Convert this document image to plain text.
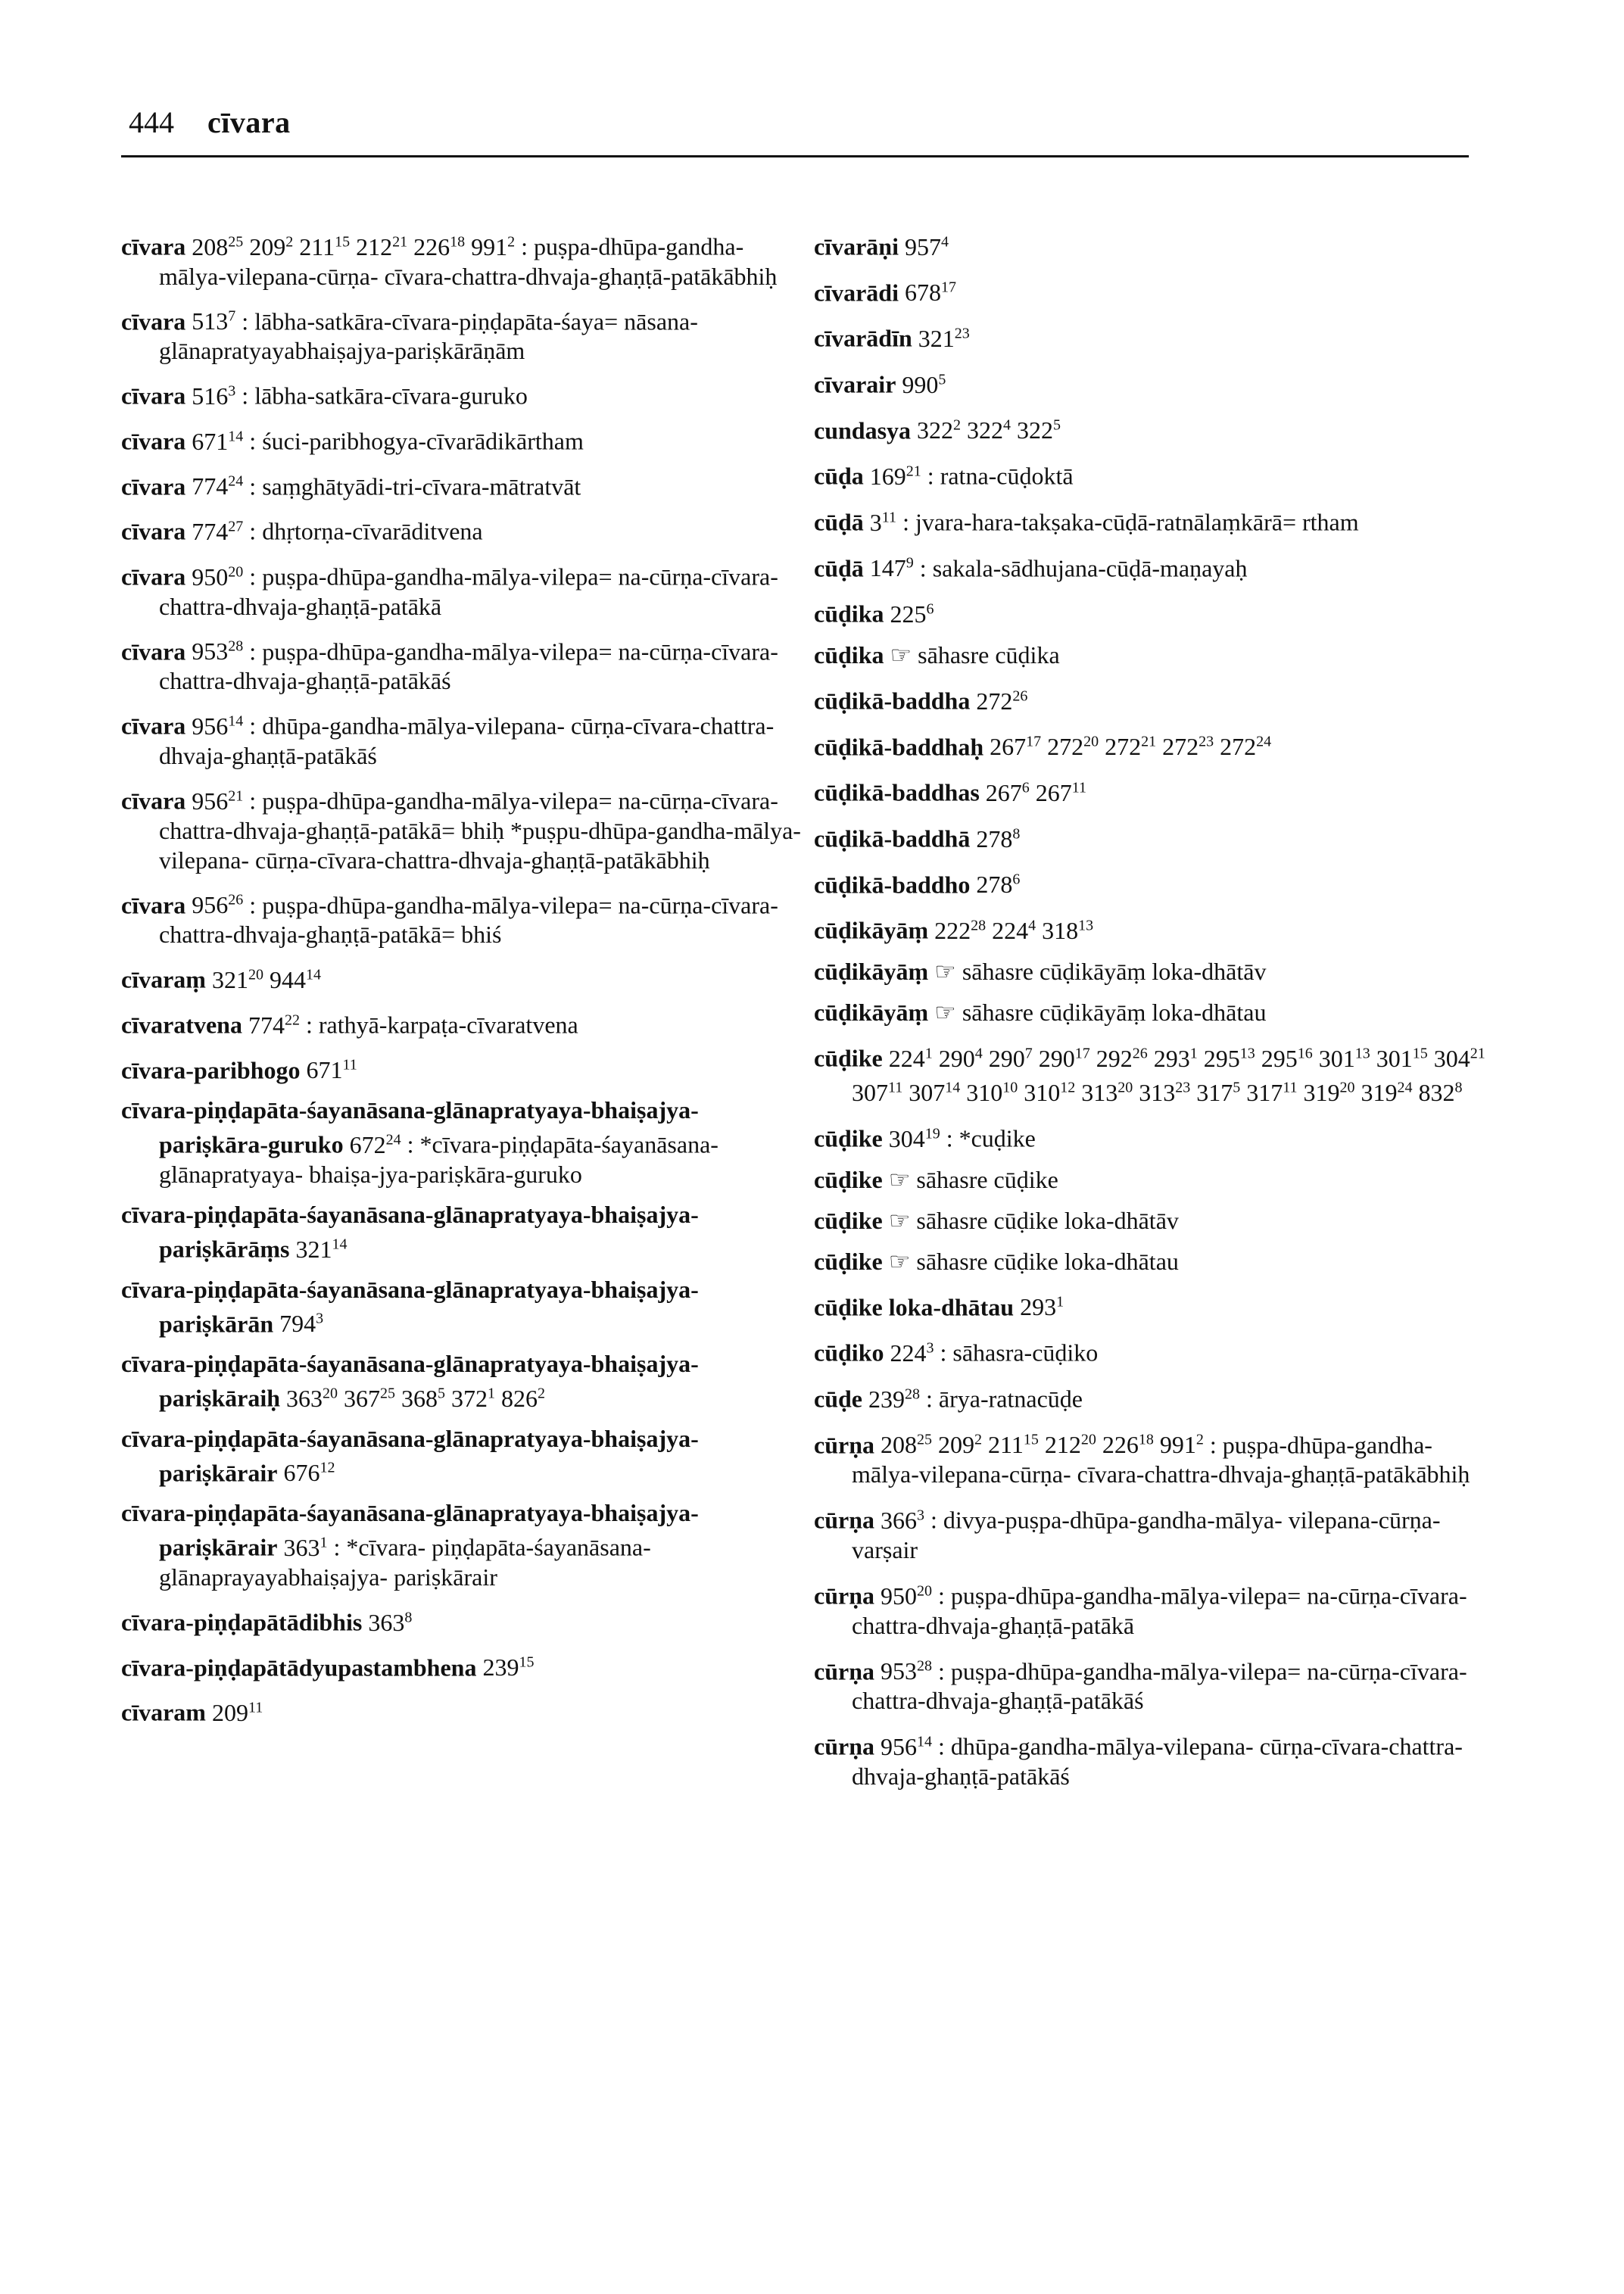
444 cīvara

cīvara $208^{25}$ $209^2$ $211^{15}$ $212^{21}$ $226^{18}$ $991^2$ : puṣpa-dhūpa-gandha-mālya-vilepana-cūrṇa- cīvara-chattra-dhvaja-ghaṇṭā-patākābhiḥ

cīvara $513^7$ : lābha-satkāra-cīvara-piṇḍapāta-śaya= nāsana-glānapratyayabhaiṣajya-pariṣkārāṇām

cīvara $516^3$ : lābha-satkāra-cīvara-guruko

cīvara $671^{14}$ : śuci-paribhogya-cīvarādikārtham

cīvara $774^{24}$ : saṃghātyādi-tri-cīvara-mātratvāt

cīvara $774^{27}$ : dhṛtorṇa-cīvarāditvena

cīvara $950^{20}$ : puṣpa-dhūpa-gandha-mālya-vilepa= na-cūrṇa-cīvara-chattra-dhvaja-ghaṇṭā-patākā

cīvara $953^{28}$ : puṣpa-dhūpa-gandha-mālya-vilepa= na-cūrṇa-cīvara-chattra-dhvaja-ghaṇṭā-patākāś

cīvara $956^{14}$ : dhūpa-gandha-mālya-vilepana- cūrṇa-cīvara-chattra-dhvaja-ghaṇṭā-patākāś

cīvara $956^{21}$ : puṣpa-dhūpa-gandha-mālya-vilepa= na-cūrṇa-cīvara-chattra-dhvaja-ghaṇṭā-patākā= bhiḥ *puṣpu-dhūpa-gandha-mālya-vilepana- cūrṇa-cīvara-chattra-dhvaja-ghaṇṭā-patākābhiḥ

cīvara $956^{26}$ : puṣpa-dhūpa-gandha-mālya-vilepa= na-cūrṇa-cīvara-chattra-dhvaja-ghaṇṭā-patākā= bhiś

cīvaraṃ $321^{20}$ $944^{14}$

cīvaratvena $774^{22}$ : rathyā-karpaṭa-cīvaratvena

cīvara-paribhogo $671^{11}$

cīvara-piṇḍapāta-śayanāsana-glānapratyaya-bhaiṣajya-pariṣkāra-guruko $672^{24}$ : *cīvara-piṇḍapāta-śayanāsana-glānapratyaya- bhaiṣa-jya-pariṣkāra-guruko

cīvara-piṇḍapāta-śayanāsana-glānapratyaya-bhaiṣajya-pariṣkārāṃs $321^{14}$

cīvara-piṇḍapāta-śayanāsana-glānapratyaya-bhaiṣajya-pariṣkārān $794^3$

cīvara-piṇḍapāta-śayanāsana-glānapratyaya-bhaiṣajya-pariṣkāraiḥ $363^{20}$ $367^{25}$ $368^5$ $372^1$ $826^2$

cīvara-piṇḍapāta-śayanāsana-glānapratyaya-bhaiṣajya-pariṣkārair $676^{12}$

cīvara-piṇḍapāta-śayanāsana-glānapratyaya-bhaiṣajya-pariṣkārair $363^1$ : *cīvara- piṇḍapāta-śayanāsana-glānaprayayabhaiṣajya- pariṣkārair

cīvara-piṇḍapātādibhis $363^8$

cīvara-piṇḍapātādyupastambhena $239^{15}$

cīvaram $209^{11}$

cīvarāṇi $957^4$

cīvarādi $678^{17}$

cīvarādīn $321^{23}$

cīvarair $990^5$

cundasya $322^2$ $322^4$ $322^5$

cūḍa $169^{21}$ : ratna-cūḍoktā

cūḍā $3^{11}$ : jvara-hara-takṣaka-cūḍā-ratnālaṃkārā= rtham

cūḍā $147^9$ : sakala-sādhujana-cūḍā-maṇayaḥ

cūḍika $225^6$

cūḍika ☞ sāhasre cūḍika

cūḍikā-baddha $272^{26}$

cūḍikā-baddhaḥ $267^{17}$ $272^{20}$ $272^{21}$ $272^{23}$ $272^{24}$

cūḍikā-baddhas $267^6$ $267^{11}$

cūḍikā-baddhā $278^8$

cūḍikā-baddho $278^6$

cūḍikāyāṃ $222^{28}$ $224^4$ $318^{13}$

cūḍikāyāṃ ☞ sāhasre cūḍikāyāṃ loka-dhātāv

cūḍikāyāṃ ☞ sāhasre cūḍikāyāṃ loka-dhātau

cūḍike $224^1$ $290^4$ $290^7$ $290^{17}$ $292^{26}$ $293^1$ $295^{13}$ $295^{16}$ $301^{13}$ $301^{15}$ $304^{21}$ $307^{11}$ $307^{14}$ $310^{10}$ $310^{12}$ $313^{20}$ $313^{23}$ $317^5$ $317^{11}$ $319^{20}$ $319^{24}$ $832^8$

cūḍike $304^{19}$ : *cuḍike

cūḍike ☞ sāhasre cūḍike

cūḍike ☞ sāhasre cūḍike loka-dhātāv

cūḍike ☞ sāhasre cūḍike loka-dhātau

cūḍike loka-dhātau $293^1$

cūḍiko $224^3$ : sāhasra-cūḍiko

cūḍe $239^{28}$ : ārya-ratnacūḍe

cūrṇa $208^{25}$ $209^2$ $211^{15}$ $212^{20}$ $226^{18}$ $991^2$ : puṣpa-dhūpa-gandha-mālya-vilepana-cūrṇa- cīvara-chattra-dhvaja-ghaṇṭā-patākābhiḥ

cūrṇa $366^3$ : divya-puṣpa-dhūpa-gandha-mālya- vilepana-cūrṇa-varṣair

cūrṇa $950^{20}$ : puṣpa-dhūpa-gandha-mālya-vilepa= na-cūrṇa-cīvara-chattra-dhvaja-ghaṇṭā-patākā

cūrṇa $953^{28}$ : puṣpa-dhūpa-gandha-mālya-vilepa= na-cūrṇa-cīvara-chattra-dhvaja-ghaṇṭā-patākāś

cūrṇa $956^{14}$ : dhūpa-gandha-mālya-vilepana- cūrṇa-cīvara-chattra-dhvaja-ghaṇṭā-patākāś
